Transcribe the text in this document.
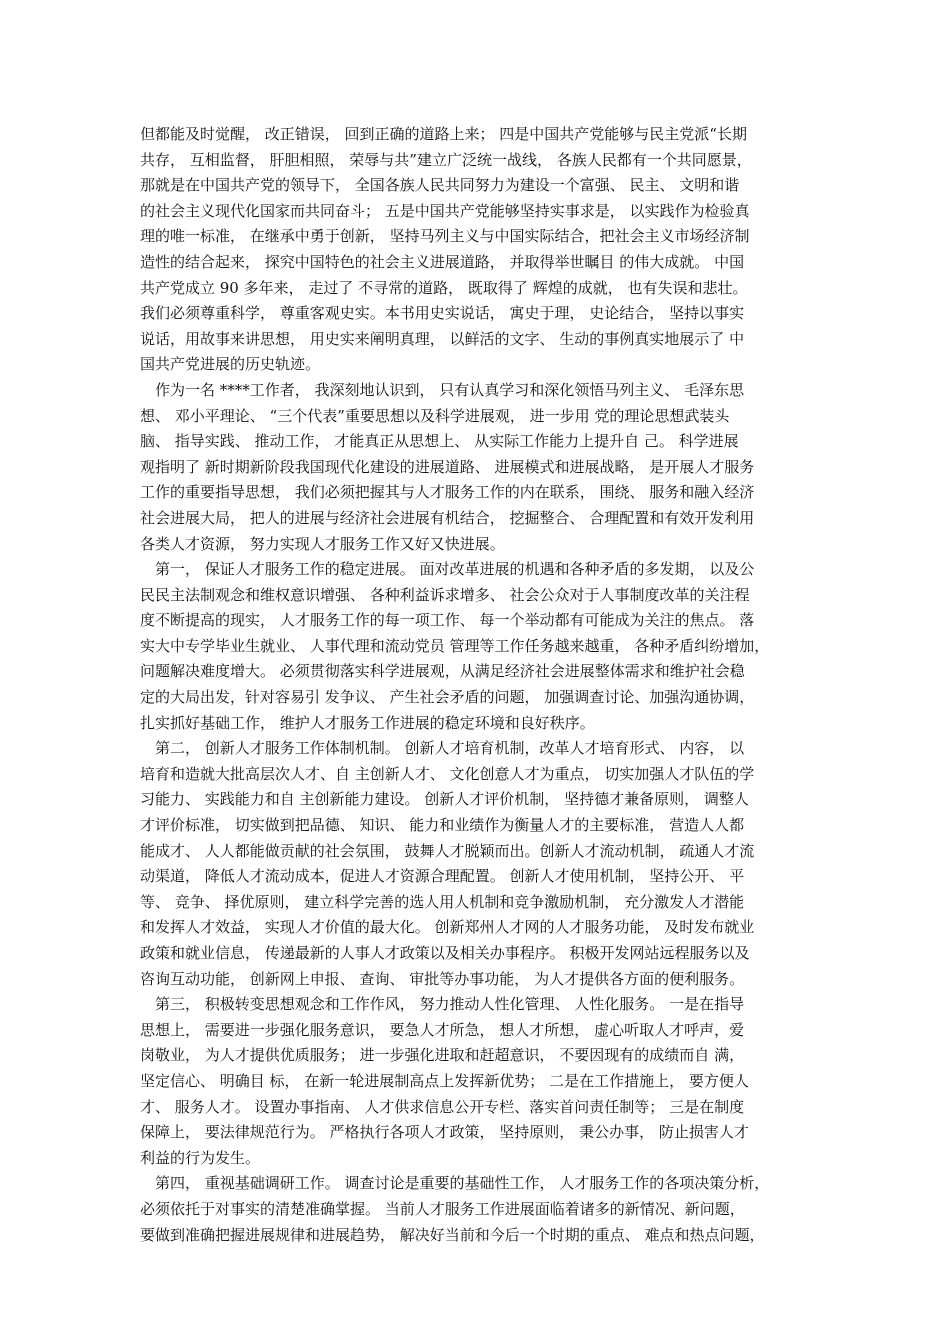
但都能及时觉醒， 改正错误， 回到正确的道路上来； 四是中国共产党能够与民主党派“长期
共存， 互相监督， 肝胆相照， 荣辱与共”建立广泛统一战线， 各族人民都有一个共同愿景，
那就是在中国共产党的领导下， 全国各族人民共同努力为建设一个富强、 民主、 文明和谐
的社会主义现代化国家而共同奋斗； 五是中国共产党能够坚持实事求是， 以实践作为检验真
理的唯一标准， 在继承中勇于创新， 坚持马列主义与中国实际结合，把社会主义市场经济制
造性的结合起来， 探究中国特色的社会主义进展道路， 并取得举世瞩目 的伟大成就。 中国
共产党成立 90 多年来， 走过了 不寻常的道路， 既取得了 辉煌的成就， 也有失误和悲壮。
我们必须尊重科学， 尊重客观史实。本书用史实说话， 寓史于理， 史论结合， 坚持以事实
说话，用故事来讲思想， 用史实来阐明真理， 以鲜活的文字、 生动的事例真实地展示了 中
国共产党进展的历史轨迹。
　作为一名 ****工作者， 我深刻地认识到， 只有认真学习和深化领悟马列主义、 毛泽东思
想、 邓小平理论、 “三个代表”重要思想以及科学进展观， 进一步用 党的理论思想武装头
脑、 指导实践、 推动工作， 才能真正从思想上、 从实际工作能力上提升自 己。 科学进展
观指明了 新时期新阶段我国现代化建设的进展道路、 进展模式和进展战略， 是开展人才服务
工作的重要指导思想， 我们必须把握其与人才服务工作的内在联系， 围绕、 服务和融入经济
社会进展大局， 把人的进展与经济社会进展有机结合， 挖掘整合、 合理配置和有效开发利用
各类人才资源， 努力实现人才服务工作又好又快进展。
　第一， 保证人才服务工作的稳定进展。 面对改革进展的机遇和各种矛盾的多发期， 以及公
民民主法制观念和维权意识增强、 各种利益诉求增多、 社会公众对于人事制度改革的关注程
度不断提高的现实， 人才服务工作的每一项工作、 每一个举动都有可能成为关注的焦点。 落
实大中专学毕业生就业、 人事代理和流动党员 管理等工作任务越来越重， 各种矛盾纠纷增加，
问题解决难度增大。 必须贯彻落实科学进展观，从满足经济社会进展整体需求和维护社会稳
定的大局出发，针对容易引 发争议、 产生社会矛盾的问题， 加强调查讨论、加强沟通协调，
扎实抓好基础工作， 维护人才服务工作进展的稳定环境和良好秩序。
　第二， 创新人才服务工作体制机制。 创新人才培育机制，改革人才培育形式、 内容， 以
培育和造就大批高层次人才、自 主创新人才、 文化创意人才为重点， 切实加强人才队伍的学
习能力、 实践能力和自 主创新能力建设。 创新人才评价机制， 坚持德才兼备原则， 调整人
才评价标准， 切实做到把品德、 知识、 能力和业绩作为衡量人才的主要标准， 营造人人都
能成才、 人人都能做贡献的社会氛围， 鼓舞人才脱颖而出。创新人才流动机制， 疏通人才流
动渠道， 降低人才流动成本，促进人才资源合理配置。 创新人才使用机制， 坚持公开、 平
等、 竞争、 择优原则， 建立科学完善的选人用人机制和竞争激励机制， 充分激发人才潜能
和发挥人才效益， 实现人才价值的最大化。 创新郑州人才网的人才服务功能， 及时发布就业
政策和就业信息， 传递最新的人事人才政策以及相关办事程序。 积极开发网站远程服务以及
咨询互动功能， 创新网上申报、 查询、 审批等办事功能， 为人才提供各方面的便利服务。
　第三， 积极转变思想观念和工作作风， 努力推动人性化管理、 人性化服务。 一是在指导
思想上， 需要进一步强化服务意识， 要急人才所急， 想人才所想， 虚心听取人才呼声，爱
岗敬业， 为人才提供优质服务； 进一步强化进取和赶超意识， 不要因现有的成绩而自 满，
坚定信心、 明确目 标， 在新一轮进展制高点上发挥新优势； 二是在工作措施上， 要方便人
才、 服务人才。 设置办事指南、 人才供求信息公开专栏、落实首问责任制等； 三是在制度
保障上， 要法律规范行为。 严格执行各项人才政策， 坚持原则， 秉公办事， 防止损害人才
利益的行为发生。
　第四， 重视基础调研工作。 调查讨论是重要的基础性工作， 人才服务工作的各项决策分析，
必须依托于对事实的清楚准确掌握。 当前人才服务工作进展面临着诸多的新情况、新问题，
要做到准确把握进展规律和进展趋势， 解决好当前和今后一个时期的重点、 难点和热点问题，
